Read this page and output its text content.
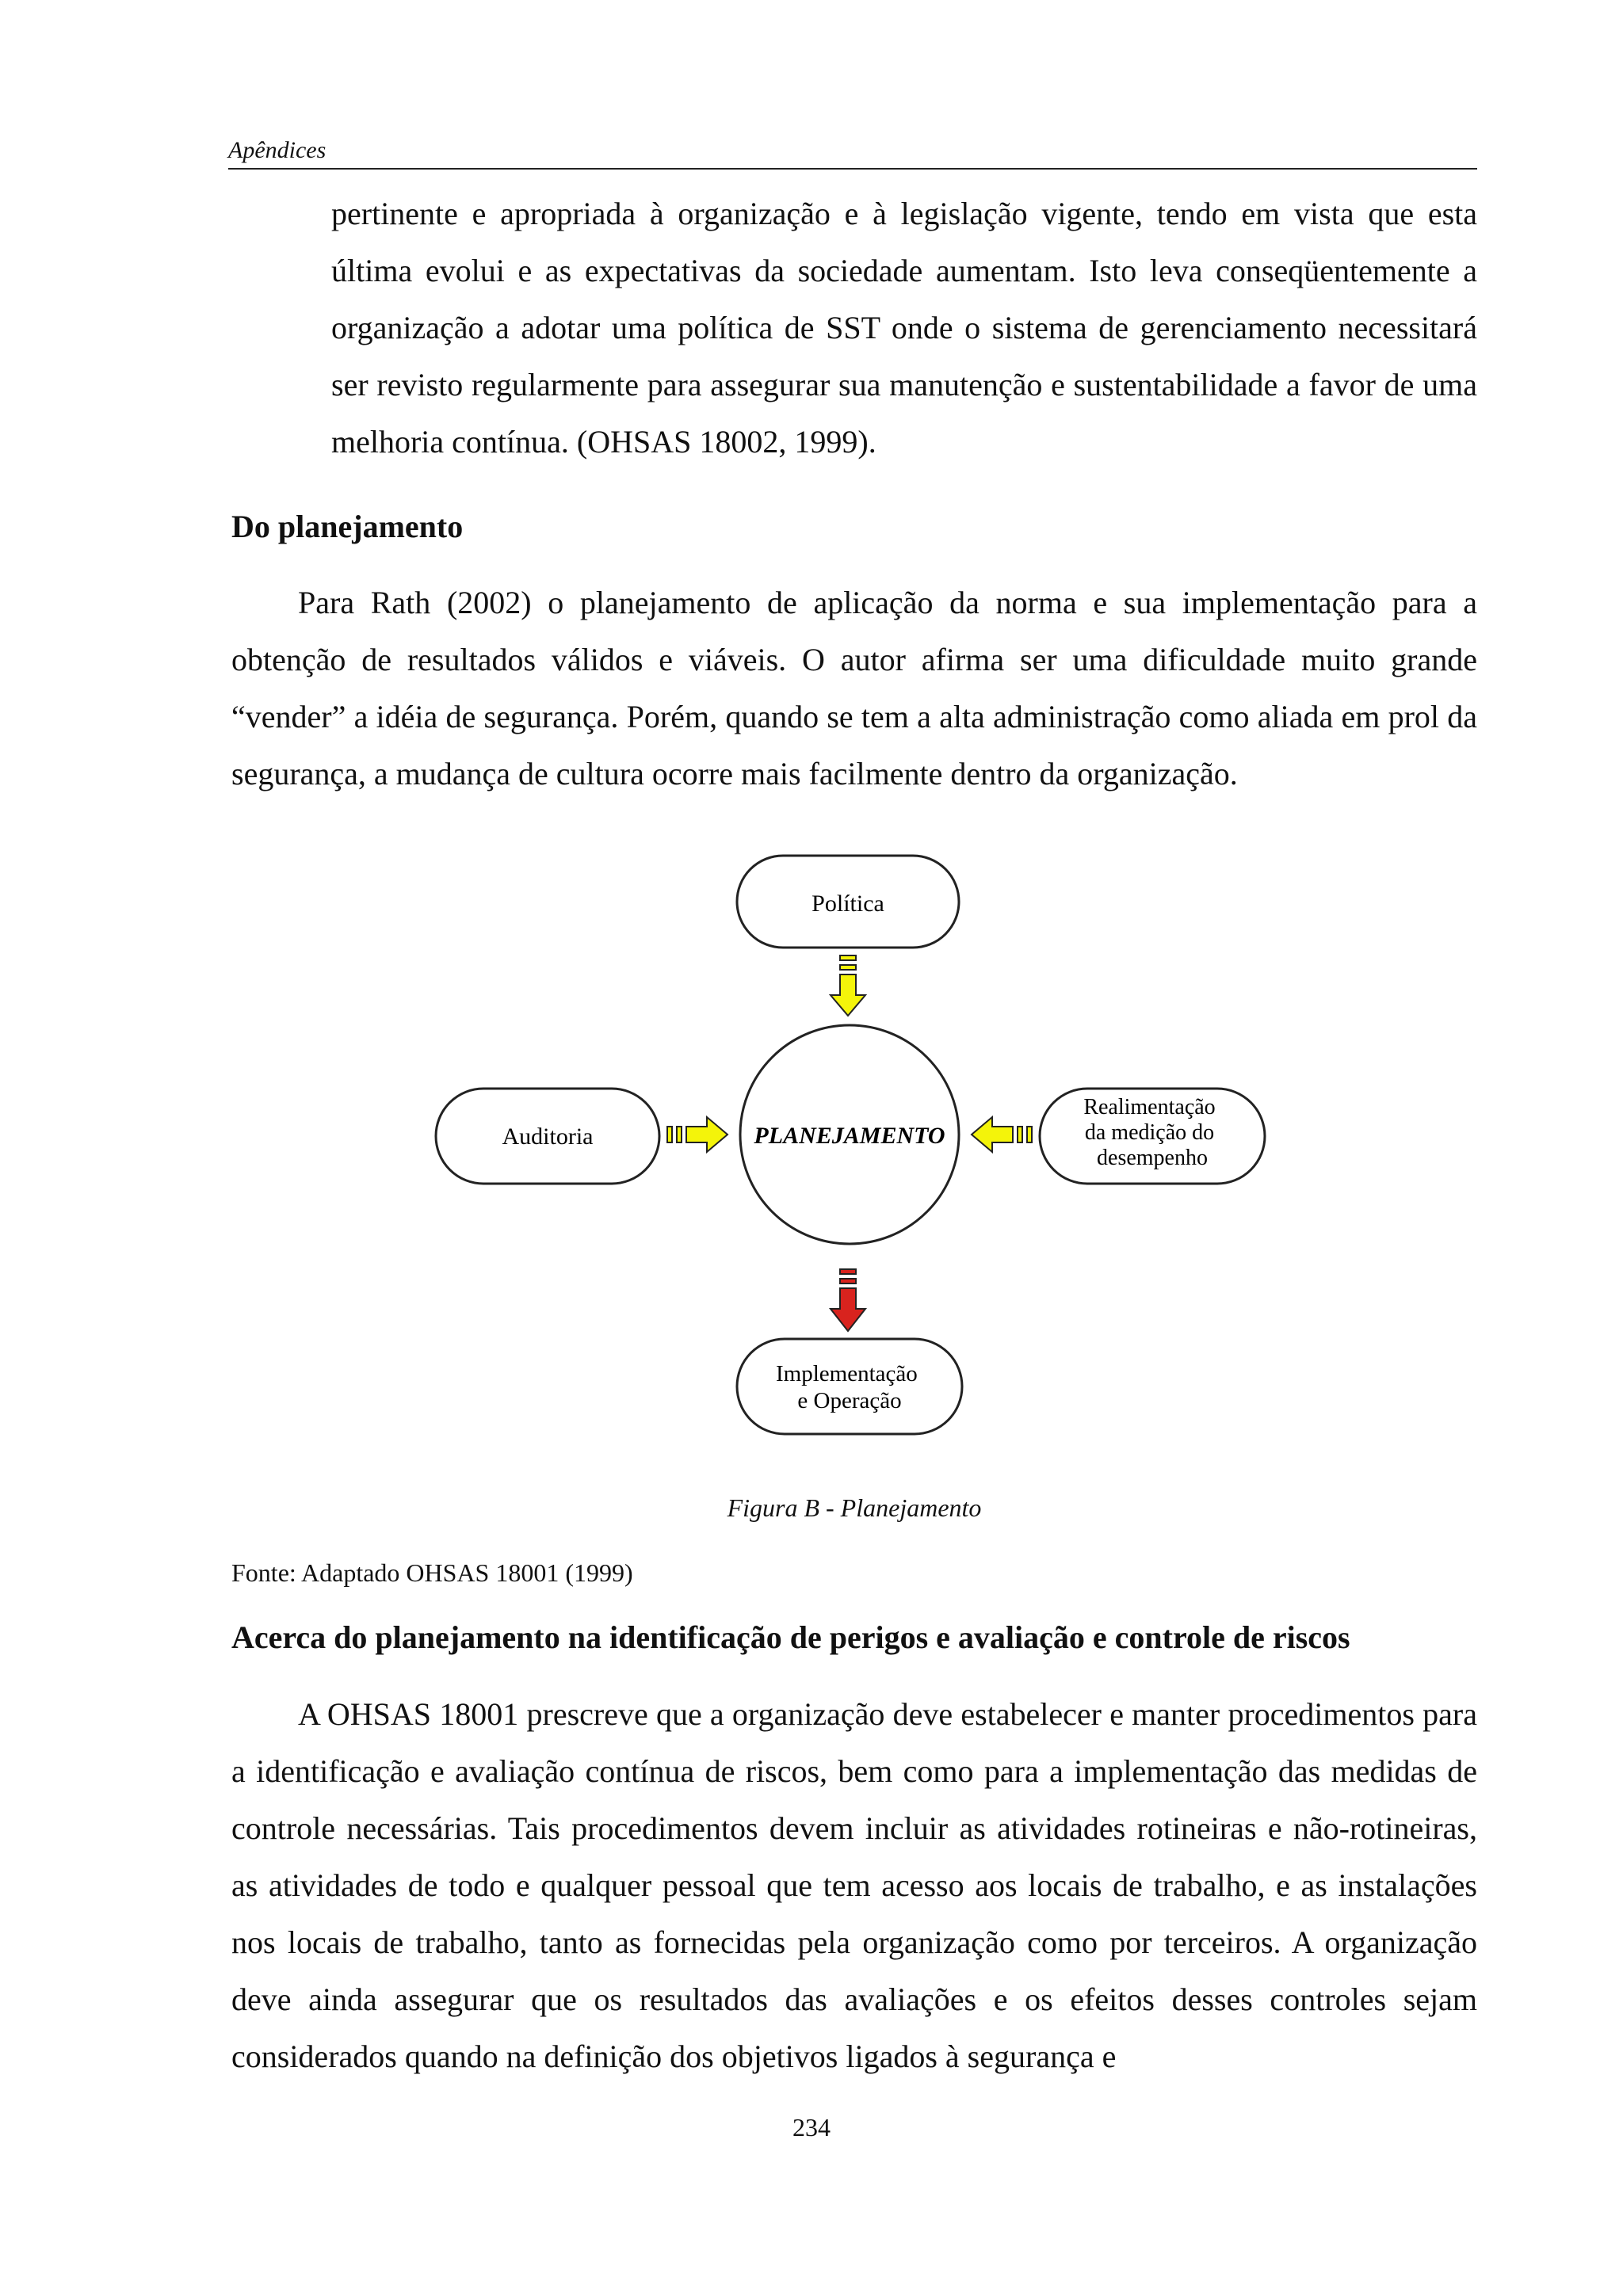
Apêndices

pertinente e apropriada à organização e à legislação vigente, tendo em vista que esta última evolui e as expectativas da sociedade aumentam. Isto leva conseqüentemente a organização a adotar uma política de SST onde o sistema de gerenciamento necessitará ser revisto regularmente para assegurar sua manutenção e sustentabilidade a favor de uma melhoria contínua. (OHSAS 18002, 1999).

Do planejamento

Para Rath (2002) o planejamento de aplicação da norma e sua implementação para a obtenção de resultados válidos e viáveis. O autor afirma ser uma dificuldade muito grande “vender” a idéia de segurança. Porém, quando se tem a alta administração como aliada em prol da segurança, a mudança de cultura ocorre mais facilmente dentro da organização.

Política
PLANEJAMENTO
Auditoria
Realimentação da medição do desempenho
Implementação e Operação
Figura B - Planejamento
Fonte: Adaptado OHSAS 18001 (1999)
Acerca do planejamento na identificação de perigos e avaliação e controle de riscos

A OHSAS 18001 prescreve que a organização deve estabelecer e manter procedimentos para a identificação e avaliação contínua de riscos, bem como para a implementação das medidas de controle necessárias. Tais procedimentos devem incluir as atividades rotineiras e não-rotineiras, as atividades de todo e qualquer pessoal que tem acesso aos locais de trabalho, e as instalações nos locais de trabalho, tanto as fornecidas pela organização como por terceiros. A organização deve ainda assegurar que os resultados das avaliações e os efeitos desses controles sejam considerados quando na definição dos objetivos ligados à segurança e

234
